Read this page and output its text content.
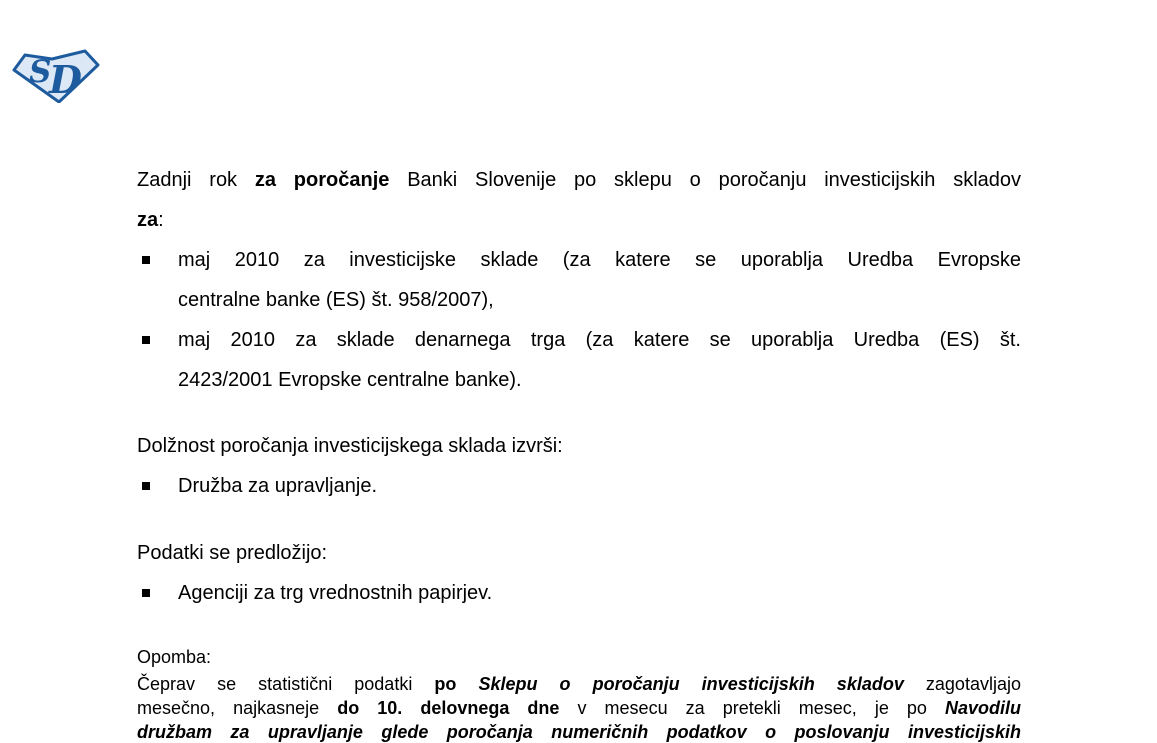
S
D
Zadnji rok za poročanje Banki Slovenije po sklepu o poročanju investicijskih skladov
za:
maj 2010 za investicijske sklade (za katere se uporablja Uredba Evropske
centralne banke (ES) št. 958/2007),
maj 2010 za sklade denarnega trga (za katere se uporablja Uredba (ES) št.
2423/2001 Evropske centralne banke).
Dolžnost poročanja investicijskega sklada izvrši:
Družba za upravljanje.
Podatki se predložijo:
Agenciji za trg vrednostnih papirjev.
Opomba:
Čeprav se statistični podatki po Sklepu o poročanju investicijskih skladov zagotavljajo
mesečno, najkasneje do 10. delovnega dne v mesecu za pretekli mesec, je po Navodilu
družbam za upravljanje glede poročanja numeričnih podatkov o poslovanju investicijskih
